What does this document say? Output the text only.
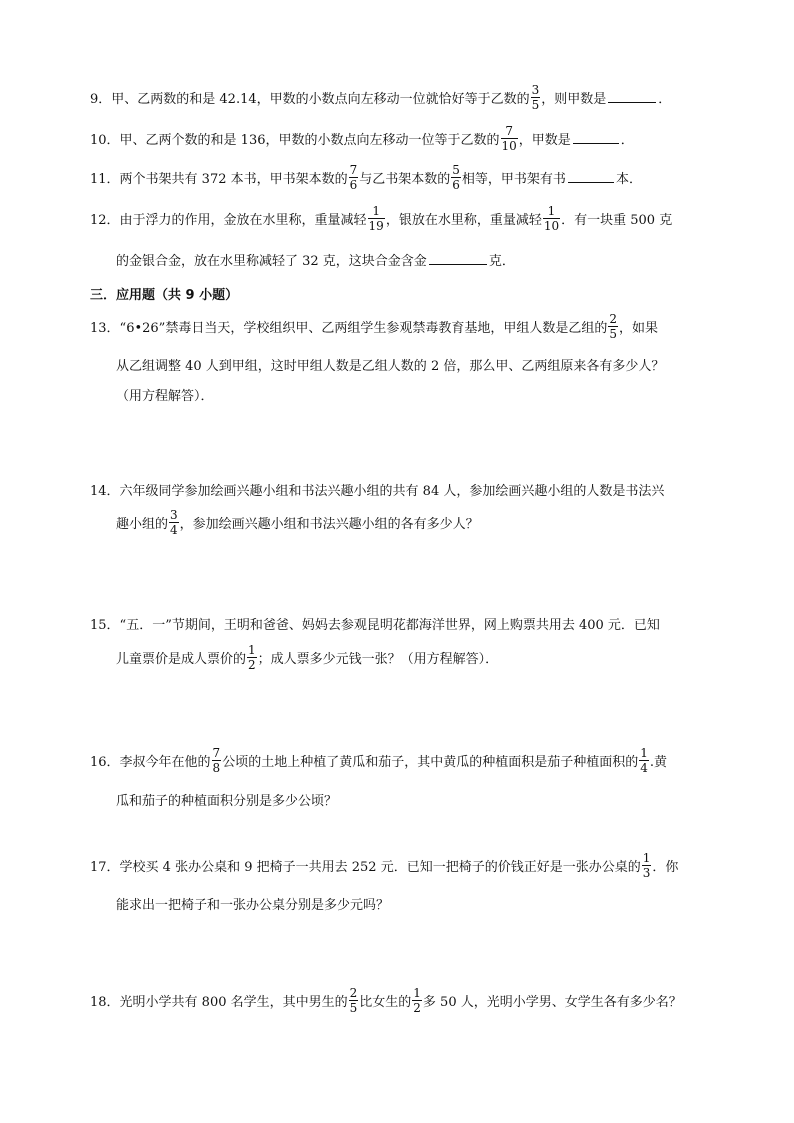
9．甲、乙两数的和是 42.14，甲数的小数点向左移动一位就恰好等于乙数的 $\frac{3}{5}$ ，则甲数是	．
10．甲、乙两个数的和是 136，甲数的小数点向左移动一位等于乙数的 $\frac{7}{10}$ ，甲数是	．
11．两个书架共有 372 本书，甲书架本数的 $\frac{7}{6}$ 与乙书架本数的 $\frac{5}{6}$ 相等，甲书架有书	本．
12．由于浮力的作用，金放在水里称，重量减轻 $\frac{1}{19}$ ，银放在水里称，重量减轻 $\frac{1}{10}$ ．有一块重 500 克
的金银合金，放在水里称减轻了 32 克，这块合金含金	克．
三．应用题（共 9 小题）
13．“6•26”禁毒日当天，学校组织甲、乙两组学生参观禁毒教育基地，甲组人数是乙组的 $\frac{2}{5}$ ，如果
从乙组调整 40 人到甲组，这时甲组人数是乙组人数的 2 倍，那么甲、乙两组原来各有多少人？
（用方程解答）．
14．六年级同学参加绘画兴趣小组和书法兴趣小组的共有 84 人，参加绘画兴趣小组的人数是书法兴
趣小组的 $\frac{3}{4}$ ，参加绘画兴趣小组和书法兴趣小组的各有多少人？
15．“五．一”节期间，王明和爸爸、妈妈去参观昆明花都海洋世界，网上购票共用去 400 元．已知
儿童票价是成人票价的 $\frac{1}{2}$ ；成人票多少元钱一张？（用方程解答）．
16．李叔今年在他的 $\frac{7}{8}$ 公顷的土地上种植了黄瓜和茄子，其中黄瓜的种植面积是茄子种植面积的 $\frac{1}{4}$ .黄
瓜和茄子的种植面积分别是多少公顷？
17．学校买 4 张办公桌和 9 把椅子一共用去 252 元．已知一把椅子的价钱正好是一张办公桌的 $\frac{1}{3}$ ．你
能求出一把椅子和一张办公桌分别是多少元吗？
18．光明小学共有 800 名学生，其中男生的 $\frac{2}{5}$ 比女生的 $\frac{1}{2}$ 多 50 人，光明小学男、女学生各有多少名？
